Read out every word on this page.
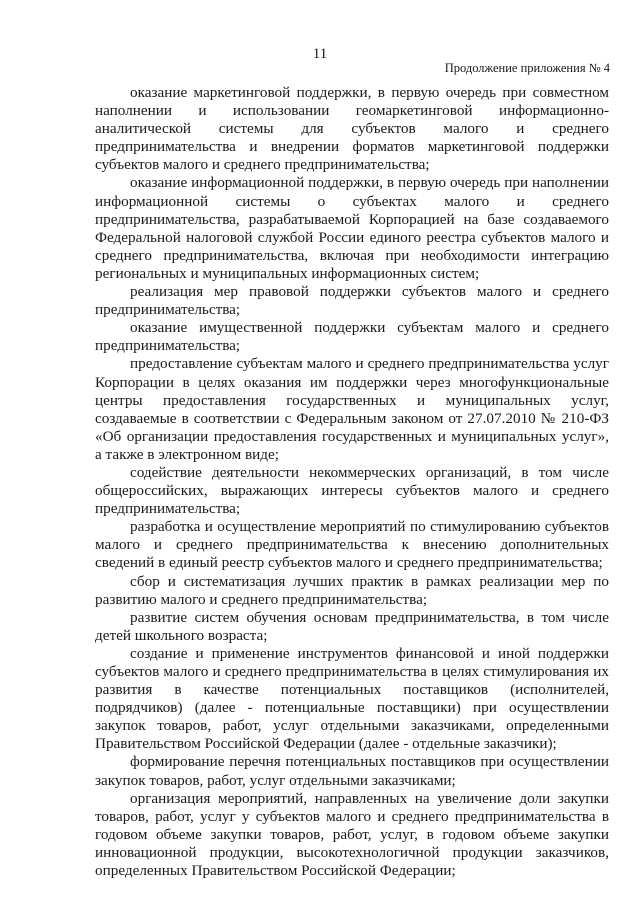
11
Продолжение приложения № 4

оказание маркетинговой поддержки, в первую очередь при совместном наполнении и использовании геомаркетинговой информационно-аналитической системы для субъектов малого и среднего предпринимательства и внедрении форматов маркетинговой поддержки субъектов малого и среднего предпринимательства;

оказание информационной поддержки, в первую очередь при наполнении информационной системы о субъектах малого и среднего предпринимательства, разрабатываемой Корпорацией на базе создаваемого Федеральной налоговой службой России единого реестра субъектов малого и среднего предпринимательства, включая при необходимости интеграцию региональных и муниципальных информационных систем;

реализация мер правовой поддержки субъектов малого и среднего предпринимательства;

оказание имущественной поддержки субъектам малого и среднего предпринимательства;

предоставление субъектам малого и среднего предпринимательства услуг Корпорации в целях оказания им поддержки через многофункциональные центры предоставления государственных и муниципальных услуг, создаваемые в соответствии с Федеральным законом от 27.07.2010 № 210-ФЗ «Об организации предоставления государственных и муниципальных услуг», а также в электронном виде;

содействие деятельности некоммерческих организаций, в том числе общероссийских, выражающих интересы субъектов малого и среднего предпринимательства;

разработка и осуществление мероприятий по стимулированию субъектов малого и среднего предпринимательства к внесению дополнительных сведений в единый реестр субъектов малого и среднего предпринимательства;

сбор и систематизация лучших практик в рамках реализации мер по развитию малого и среднего предпринимательства;

развитие систем обучения основам предпринимательства, в том числе детей школьного возраста;

создание и применение инструментов финансовой и иной поддержки субъектов малого и среднего предпринимательства в целях стимулирования их развития в качестве потенциальных поставщиков (исполнителей, подрядчиков) (далее - потенциальные поставщики) при осуществлении закупок товаров, работ, услуг отдельными заказчиками, определенными Правительством Российской Федерации (далее - отдельные заказчики);

формирование перечня потенциальных поставщиков при осуществлении закупок товаров, работ, услуг отдельными заказчиками;

организация мероприятий, направленных на увеличение доли закупки товаров, работ, услуг у субъектов малого и среднего предпринимательства в годовом объеме закупки товаров, работ, услуг, в годовом объеме закупки инновационной продукции, высокотехнологичной продукции заказчиков, определенных Правительством Российской Федерации;
